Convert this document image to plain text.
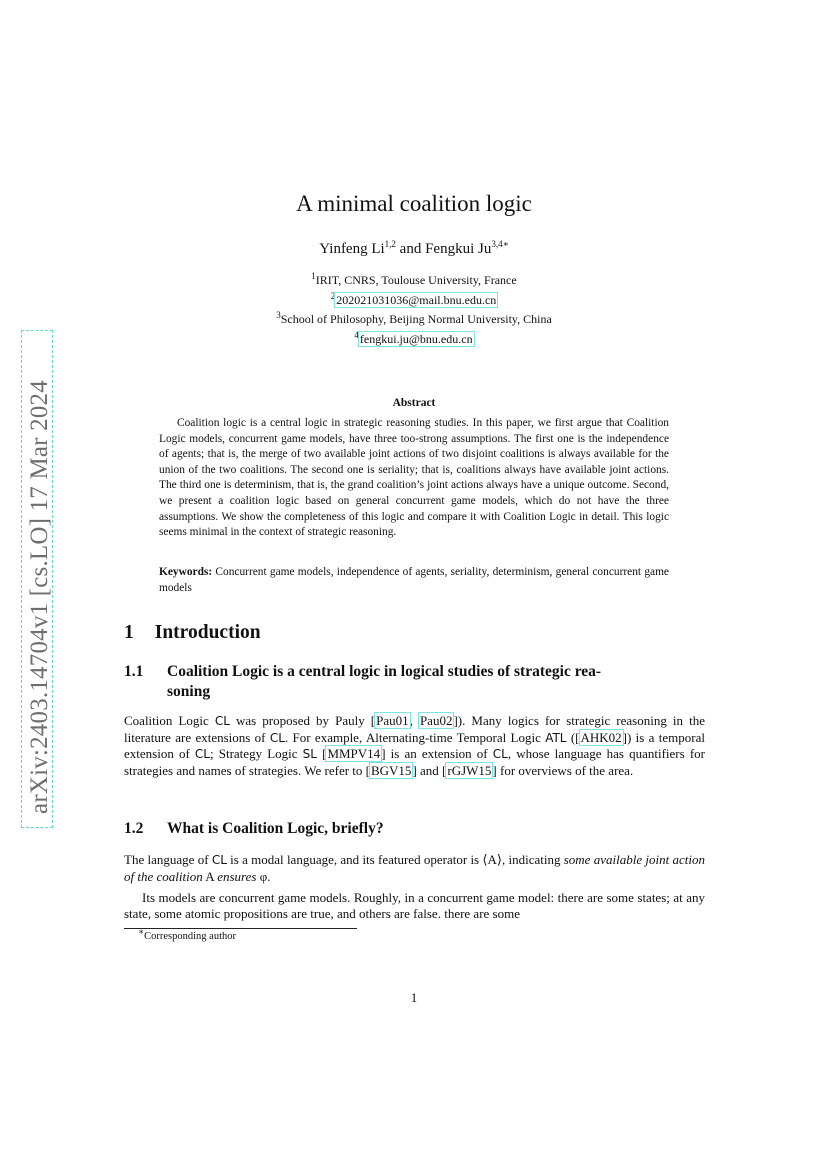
arXiv:2403.14704v1 [cs.LO] 17 Mar 2024
A minimal coalition logic
Yinfeng Li$^{1,2}$ and Fengkui $Ju^{3,4∗}$
$^1$IRIT, CNRS, Toulouse University, France
$^2$202021031036@mail.bnu.edu.cn
$^3$School of Philosophy, Beijing Normal University, China
$^4$fengkui.ju@bnu.edu.cn
Abstract
Coalition logic is a central logic in strategic reasoning studies. In this paper, we first argue that Coalition Logic models, concurrent game models, have three too-strong assumptions. The first one is the independence of agents; that is, the merge of two available joint actions of two disjoint coalitions is always available for the union of the two coalitions. The second one is seriality; that is, coalitions always have available joint actions. The third one is determinism, that is, the grand coalition’s joint actions always have a unique outcome. Second, we present a coalition logic based on general concurrent game models, which do not have the three assumptions. We show the completeness of this logic and compare it with Coalition Logic in detail. This logic seems minimal in the context of strategic reasoning.
Keywords: Concurrent game models, independence of agents, seriality, determinism, general concurrent game models
1 Introduction
1.1 Coalition Logic is a central logic in logical studies of strategic rea-
soning
Coalition Logic CL was proposed by Pauly [Pau01, Pau02]). Many logics for strategic reasoning in the literature are extensions of CL. For example, Alternating-time Temporal Logic ATL ([AHK02]) is a temporal extension of CL; Strategy Logic SL [MMPV14] is an extension of CL, whose language has quantifiers for strategies and names of strategies. We refer to [BGV15] and [rGJW15] for overviews of the area.
1.2 What is Coalition Logic, briefly?
The language of CL is a modal language, and its featured operator is ⟨A⟩, indicating some available joint action of the coalition A ensures φ.
Its models are concurrent game models. Roughly, in a concurrent game model: there are some states; at any state, some atomic propositions are true, and others are false. there are some
∗Corresponding author
1
